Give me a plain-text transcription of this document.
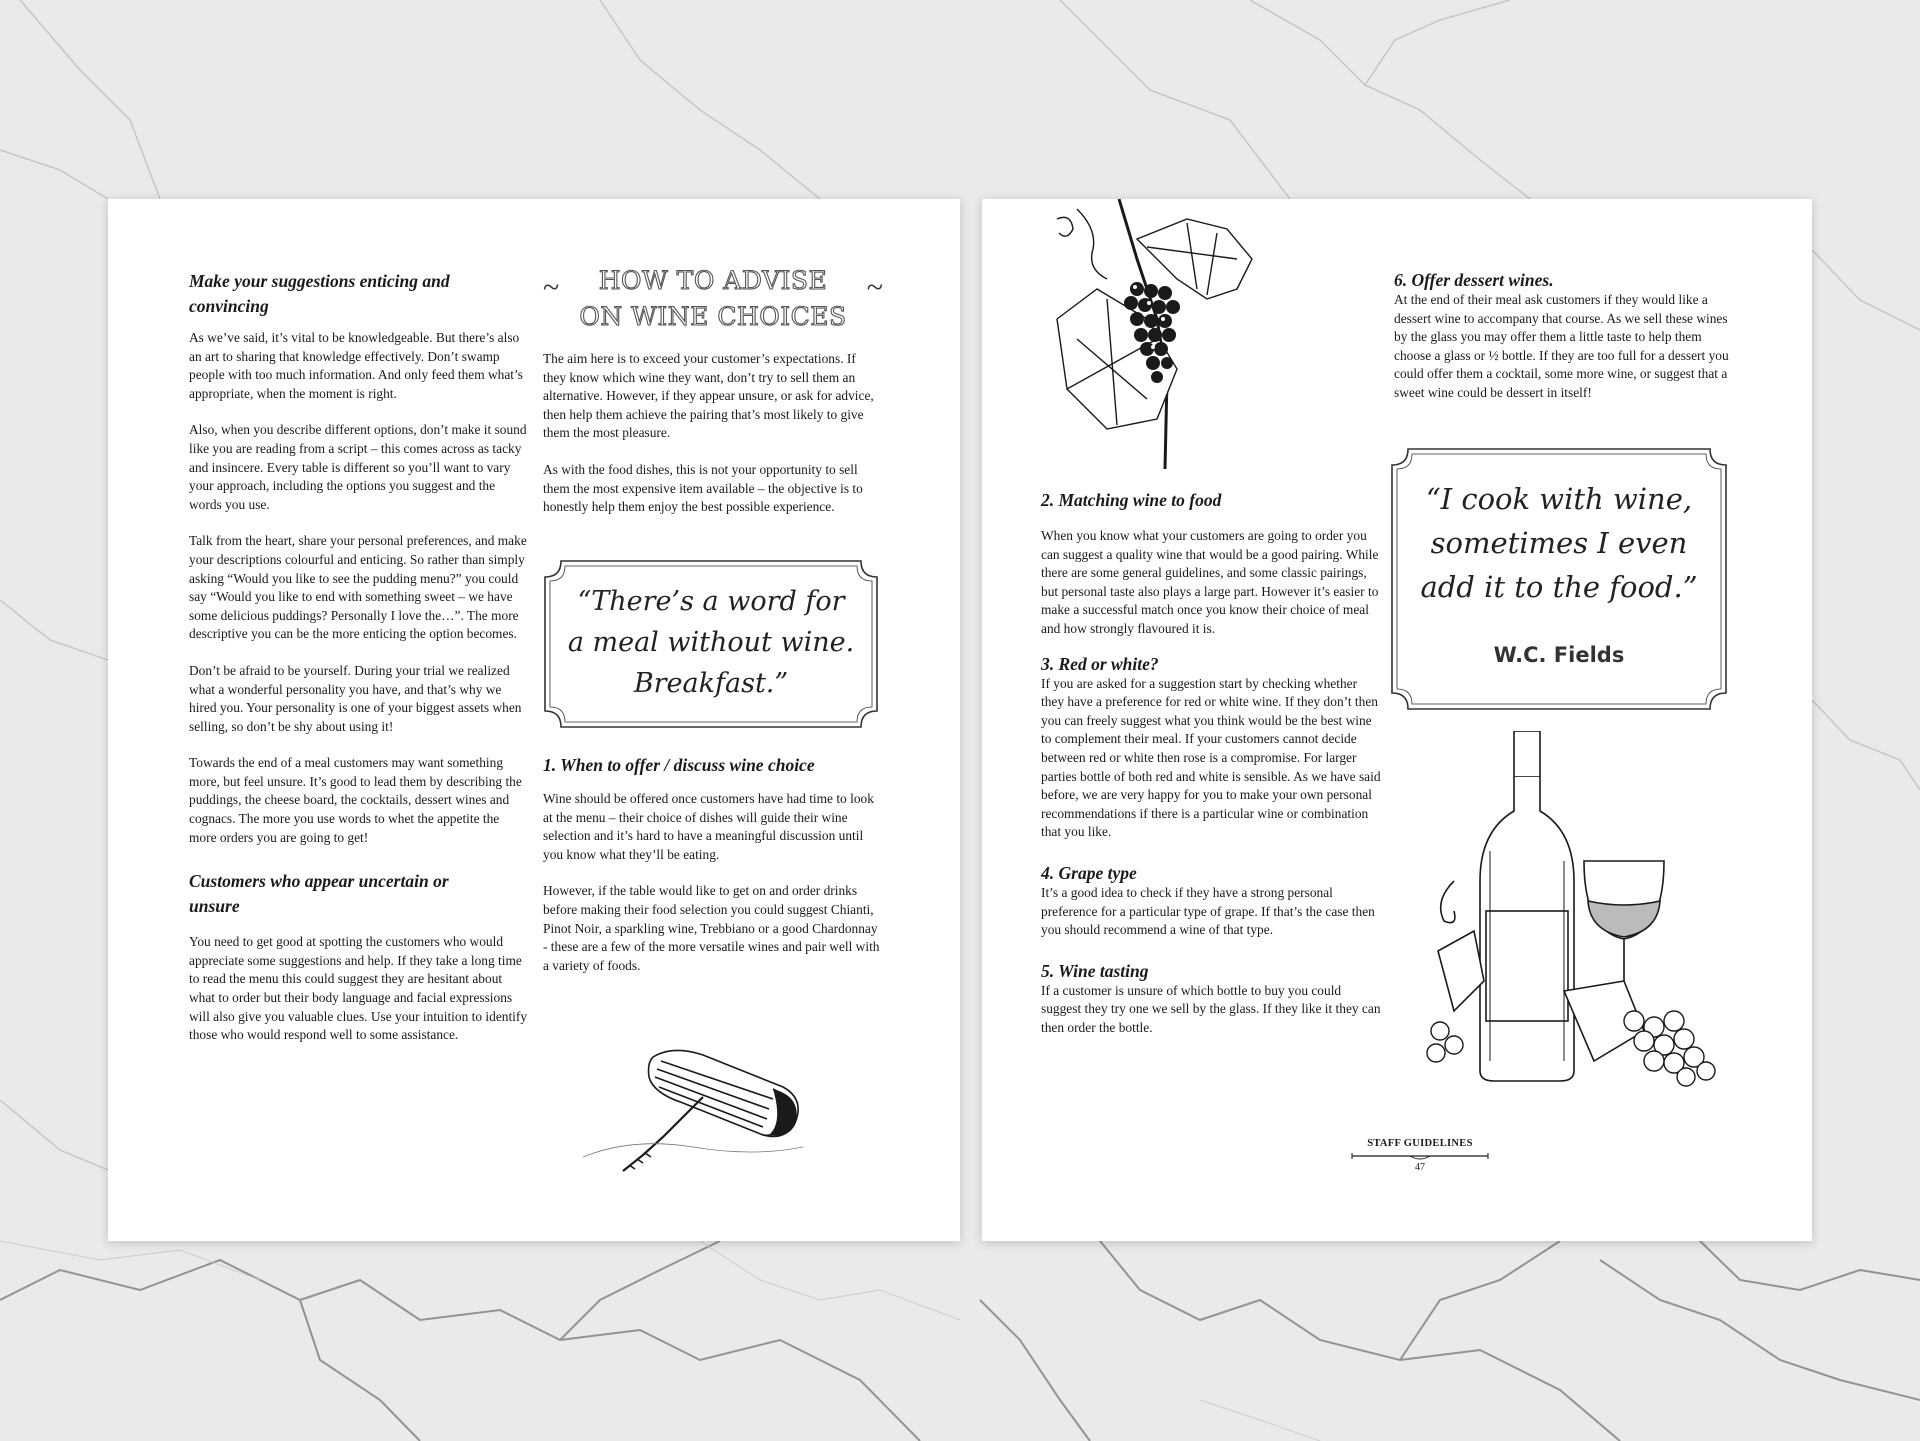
Make your suggestions enticing and
convincing

As we’ve said, it’s vital to be knowledgeable. But there’s also an art to sharing that knowledge effectively. Don’t swamp people with too much information. And only feed them what’s appropriate, when the moment is right.

Also, when you describe different options, don’t make it sound like you are reading from a script – this comes across as tacky and insincere. Every table is different so you’ll want to vary your approach, including the options you suggest and the words you use.

Talk from the heart, share your personal preferences, and make your descriptions colourful and enticing. So rather than simply asking “Would you like to see the pudding menu?” you could say “Would you like to end with something sweet – we have some delicious puddings? Personally I love the…”. The more descriptive you can be the more enticing the option becomes.

Don’t be afraid to be yourself. During your trial we realized what a wonderful personality you have, and that’s why we hired you. Your personality is one of your biggest assets when selling, so don’t be shy about using it!

Towards the end of a meal customers may want something more, but feel unsure. It’s good to lead them by describing the puddings, the cheese board, the cocktails, dessert wines and cognacs. The more you use words to whet the appetite the more orders you are going to get!

Customers who appear uncertain or
unsure

You need to get good at spotting the customers who would appreciate some suggestions and help. If they take a long time to read the menu this could suggest they are hesitant about what to order but their body language and facial expressions will also give you valuable clues. Use your intuition to identify those who would respond well to some assistance.

~	~
HOW TO ADVISE
ON WINE CHOICES

The aim here is to exceed your customer’s expectations. If they know which wine they want, don’t try to sell them an alternative. However, if they appear unsure, or ask for advice, then help them achieve the pairing that’s most likely to give them the most pleasure.

As with the food dishes, this is not your opportunity to sell them the most expensive item available – the objective is to honestly help them enjoy the best possible experience.

“There’s a word for
a meal without wine.
Breakfast.”

1. When to offer / discuss wine choice

Wine should be offered once customers have had time to look at the menu – their choice of dishes will guide their wine selection and it’s hard to have a meaningful discussion until you know what they’ll be eating.

However, if the table would like to get on and order drinks before making their food selection you could suggest Chianti, Pinot Noir, a sparkling wine, Trebbiano or a good Chardonnay - these are a few of the more versatile wines and pair well with a variety of foods.

2. Matching wine to food

When you know what your customers are going to order you can suggest a quality wine that would be a good pairing. While there are some general guidelines, and some classic pairings, but personal taste also plays a large part. However it’s easier to make a successful match once you know their choice of meal and how strongly flavoured it is.

3. Red or white?

If you are asked for a suggestion start by checking whether they have a preference for red or white wine. If they don’t then you can freely suggest what you think would be the best wine to complement their meal. If your customers cannot decide between red or white then rose is a compromise. For larger parties bottle of both red and white is sensible. As we have said before, we are very happy for you to make your own personal recommendations if there is a particular wine or combination that you like.

4. Grape type

It’s a good idea to check if they have a strong personal preference for a particular type of grape. If that’s the case then you should recommend a wine of that type.

5. Wine tasting

If a customer is unsure of which bottle to buy you could suggest they try one we sell by the glass. If they like it they can then order the bottle.

6. Offer dessert wines.

At the end of their meal ask customers if they would like a dessert wine to accompany that course. As we sell these wines by the glass you may offer them a little taste to help them choose a glass or ½ bottle. If they are too full for a dessert you could offer them a cocktail, some more wine, or suggest that a sweet wine could be dessert in itself!

“I cook with wine,
sometimes I even
add it to the food.”
W.C. Fields
STAFF GUIDELINES
47
